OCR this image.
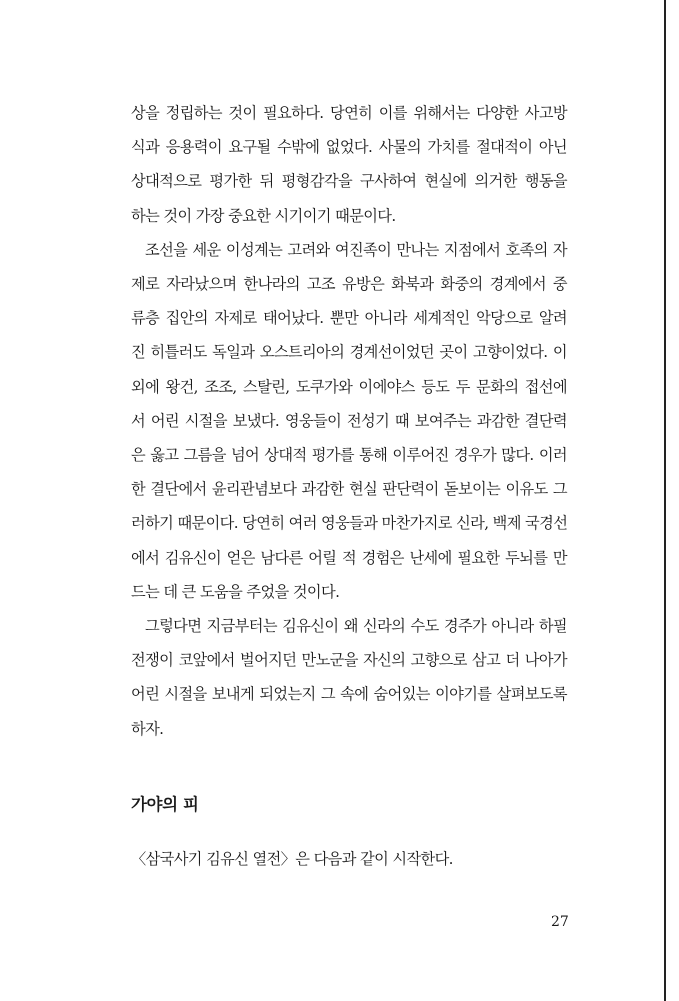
상을 정립하는 것이 필요하다. 당연히 이를 위해서는 다양한 사고방
식과 응용력이 요구될 수밖에 없었다. 사물의 가치를 절대적이 아닌
상대적으로 평가한 뒤 평형감각을 구사하여 현실에 의거한 행동을
하는 것이 가장 중요한 시기이기 때문이다.

조선을 세운 이성계는 고려와 여진족이 만나는 지점에서 호족의 자
제로 자라났으며 한나라의 고조 유방은 화북과 화중의 경계에서 중
류층 집안의 자제로 태어났다. 뿐만 아니라 세계적인 악당으로 알려
진 히틀러도 독일과 오스트리아의 경계선이었던 곳이 고향이었다. 이
외에 왕건, 조조, 스탈린, 도쿠가와 이에야스 등도 두 문화의 접선에
서 어린 시절을 보냈다. 영웅들이 전성기 때 보여주는 과감한 결단력
은 옳고 그름을 넘어 상대적 평가를 통해 이루어진 경우가 많다. 이러
한 결단에서 윤리관념보다 과감한 현실 판단력이 돋보이는 이유도 그
러하기 때문이다. 당연히 여러 영웅들과 마찬가지로 신라, 백제 국경선
에서 김유신이 얻은 남다른 어릴 적 경험은 난세에 필요한 두뇌를 만
드는 데 큰 도움을 주었을 것이다.

그렇다면 지금부터는 김유신이 왜 신라의 수도 경주가 아니라 하필
전쟁이 코앞에서 벌어지던 만노군을 자신의 고향으로 삼고 더 나아가
어린 시절을 보내게 되었는지 그 속에 숨어있는 이야기를 살펴보도록
하자.

가야의 피

〈삼국사기 김유신 열전〉은 다음과 같이 시작한다.

27
